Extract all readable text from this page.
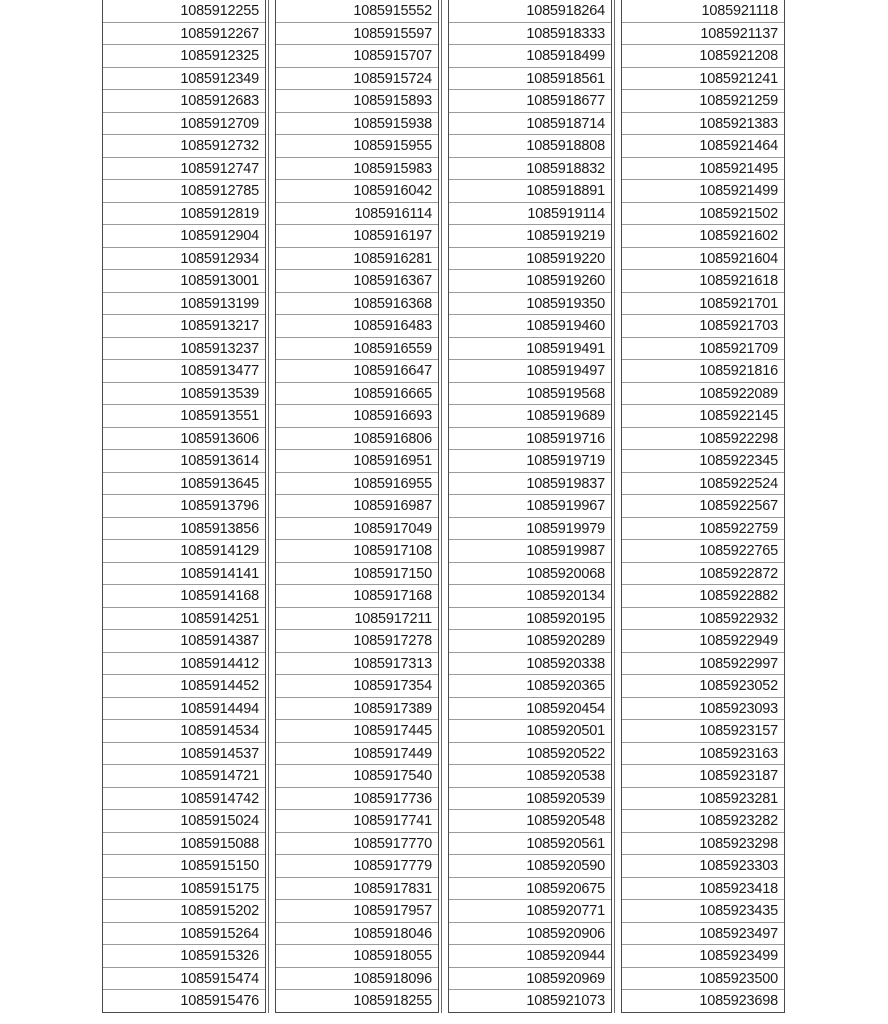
1085912255
1085912267
1085912325
1085912349
1085912683
1085912709
1085912732
1085912747
1085912785
1085912819
1085912904
1085912934
1085913001
1085913199
1085913217
1085913237
1085913477
1085913539
1085913551
1085913606
1085913614
1085913645
1085913796
1085913856
1085914129
1085914141
1085914168
1085914251
1085914387
1085914412
1085914452
1085914494
1085914534
1085914537
1085914721
1085914742
1085915024
1085915088
1085915150
1085915175
1085915202
1085915264
1085915326
1085915474
1085915476
1085915552
1085915597
1085915707
1085915724
1085915893
1085915938
1085915955
1085915983
1085916042
1085916114
1085916197
1085916281
1085916367
1085916368
1085916483
1085916559
1085916647
1085916665
1085916693
1085916806
1085916951
1085916955
1085916987
1085917049
1085917108
1085917150
1085917168
1085917211
1085917278
1085917313
1085917354
1085917389
1085917445
1085917449
1085917540
1085917736
1085917741
1085917770
1085917779
1085917831
1085917957
1085918046
1085918055
1085918096
1085918255
1085918264
1085918333
1085918499
1085918561
1085918677
1085918714
1085918808
1085918832
1085918891
1085919114
1085919219
1085919220
1085919260
1085919350
1085919460
1085919491
1085919497
1085919568
1085919689
1085919716
1085919719
1085919837
1085919967
1085919979
1085919987
1085920068
1085920134
1085920195
1085920289
1085920338
1085920365
1085920454
1085920501
1085920522
1085920538
1085920539
1085920548
1085920561
1085920590
1085920675
1085920771
1085920906
1085920944
1085920969
1085921073
1085921118
1085921137
1085921208
1085921241
1085921259
1085921383
1085921464
1085921495
1085921499
1085921502
1085921602
1085921604
1085921618
1085921701
1085921703
1085921709
1085921816
1085922089
1085922145
1085922298
1085922345
1085922524
1085922567
1085922759
1085922765
1085922872
1085922882
1085922932
1085922949
1085922997
1085923052
1085923093
1085923157
1085923163
1085923187
1085923281
1085923282
1085923298
1085923303
1085923418
1085923435
1085923497
1085923499
1085923500
1085923698
